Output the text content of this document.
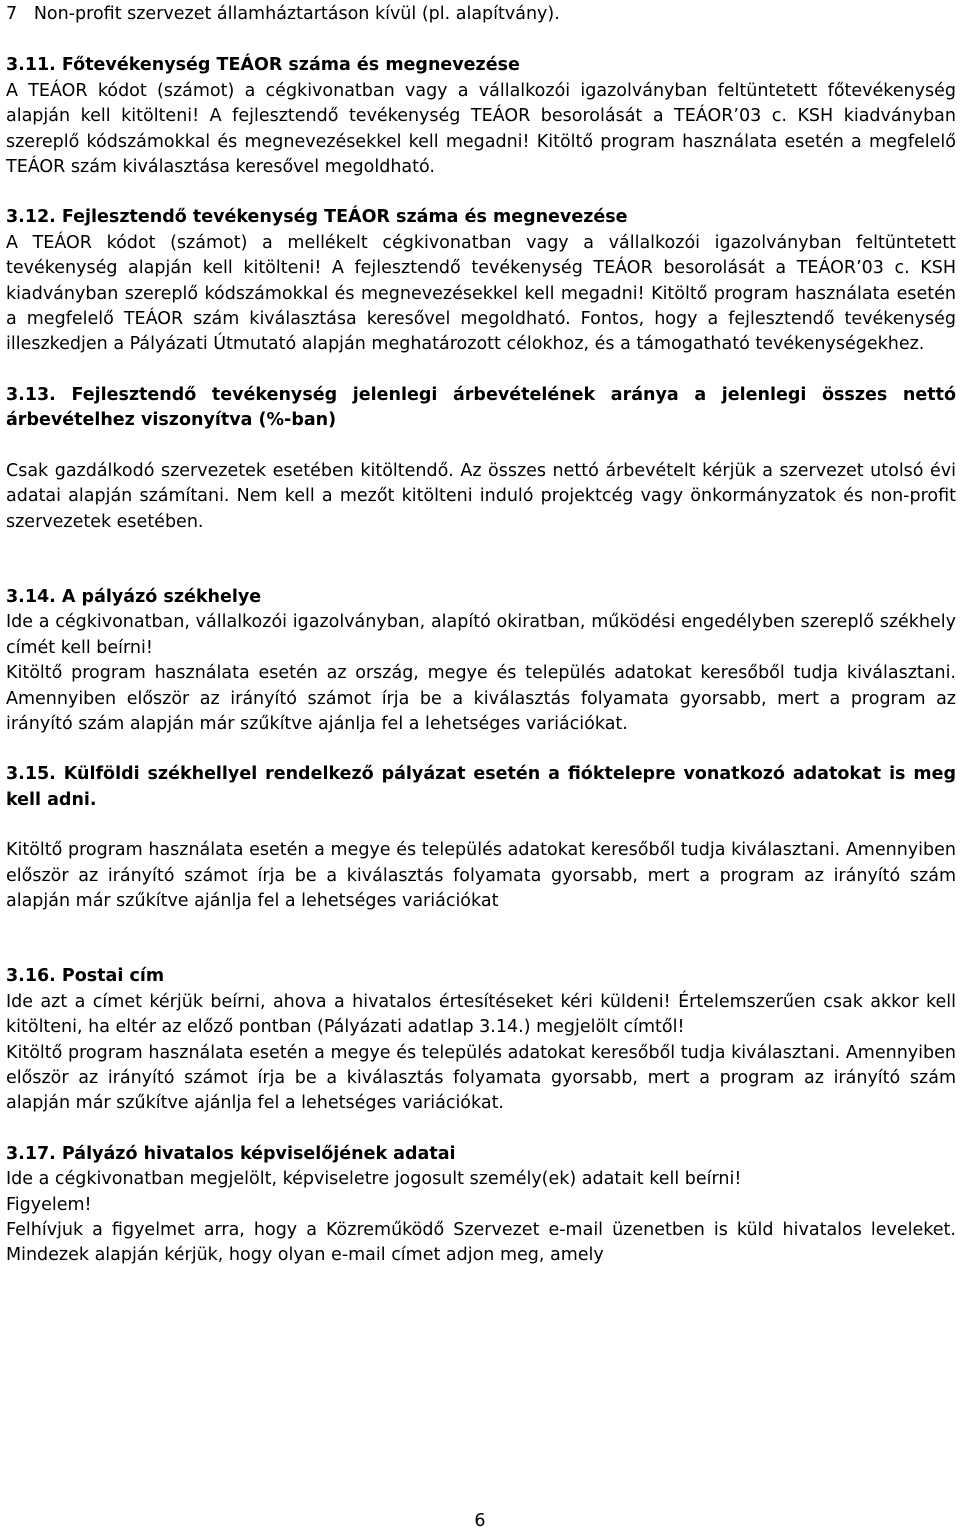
7 Non-profit szervezet államháztartáson kívül (pl. alapítvány).
3.11. Főtevékenység TEÁOR száma és megnevezése
A TEÁOR kódot (számot) a cégkivonatban vagy a vállalkozói igazolványban feltüntetett főtevékenység alapján kell kitölteni! A fejlesztendő tevékenység TEÁOR besorolását a TEÁOR’03 c. KSH kiadványban szereplő kódszámokkal és megnevezésekkel kell megadni! Kitöltő program használata esetén a megfelelő TEÁOR szám kiválasztása keresővel megoldható.
3.12. Fejlesztendő tevékenység TEÁOR száma és megnevezése
A TEÁOR kódot (számot) a mellékelt cégkivonatban vagy a vállalkozói igazolványban feltüntetett tevékenység alapján kell kitölteni! A fejlesztendő tevékenység TEÁOR besorolását a TEÁOR’03 c. KSH kiadványban szereplő kódszámokkal és megnevezésekkel kell megadni! Kitöltő program használata esetén a megfelelő TEÁOR szám kiválasztása keresővel megoldható. Fontos, hogy a fejlesztendő tevékenység illeszkedjen a Pályázati Útmutató alapján meghatározott célokhoz, és a támogatható tevékenységekhez.
3.13. Fejlesztendő tevékenység jelenlegi árbevételének aránya a jelenlegi összes nettó árbevételhez viszonyítva (%-ban)
Csak gazdálkodó szervezetek esetében kitöltendő. Az összes nettó árbevételt kérjük a szervezet utolsó évi adatai alapján számítani. Nem kell a mezőt kitölteni induló projektcég vagy önkormányzatok és non-profit szervezetek esetében.
3.14. A pályázó székhelye
Ide a cégkivonatban, vállalkozói igazolványban, alapító okiratban, működési engedélyben szereplő székhely címét kell beírni!
Kitöltő program használata esetén az ország, megye és település adatokat keresőből tudja kiválasztani. Amennyiben először az irányító számot írja be a kiválasztás folyamata gyorsabb, mert a program az irányító szám alapján már szűkítve ajánlja fel a lehetséges variációkat.
3.15. Külföldi székhellyel rendelkező pályázat esetén a fióktelepre vonatkozó adatokat is meg kell adni.
Kitöltő program használata esetén a megye és település adatokat keresőből tudja kiválasztani. Amennyiben először az irányító számot írja be a kiválasztás folyamata gyorsabb, mert a program az irányító szám alapján már szűkítve ajánlja fel a lehetséges variációkat
3.16. Postai cím
Ide azt a címet kérjük beírni, ahova a hivatalos értesítéseket kéri küldeni! Értelemszerűen csak akkor kell kitölteni, ha eltér az előző pontban (Pályázati adatlap 3.14.) megjelölt címtől!
Kitöltő program használata esetén a megye és település adatokat keresőből tudja kiválasztani. Amennyiben először az irányító számot írja be a kiválasztás folyamata gyorsabb, mert a program az irányító szám alapján már szűkítve ajánlja fel a lehetséges variációkat.
3.17. Pályázó hivatalos képviselőjének adatai
Ide a cégkivonatban megjelölt, képviseletre jogosult személy(ek) adatait kell beírni!
Figyelem!
Felhívjuk a figyelmet arra, hogy a Közreműködő Szervezet e-mail üzenetben is küld hivatalos leveleket. Mindezek alapján kérjük, hogy olyan e-mail címet adjon meg, amely
6
